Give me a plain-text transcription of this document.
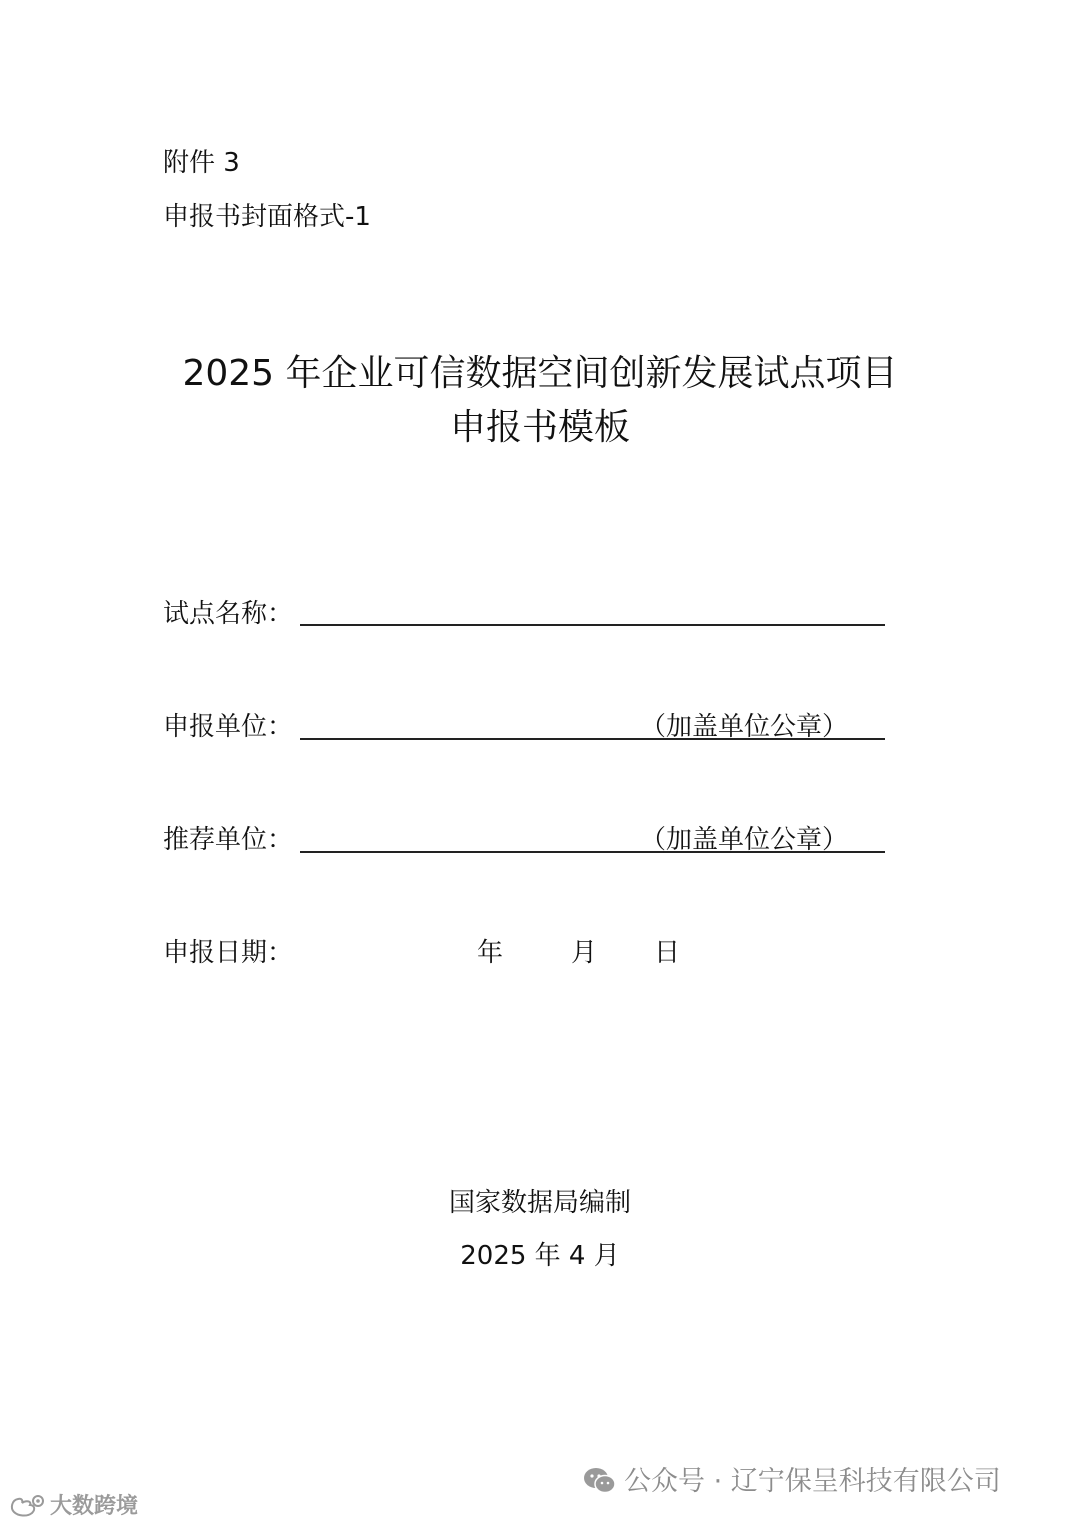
附件 3
申报书封面格式-1
2025 年企业可信数据空间创新发展试点项目
申报书模板
试点名称：
申报单位：	（加盖单位公章）
推荐单位：	（加盖单位公章）
申报日期：	年	月 日
国家数据局编制
2025 年 4 月
公众号 · 辽宁保呈科技有限公司
大数跨境
